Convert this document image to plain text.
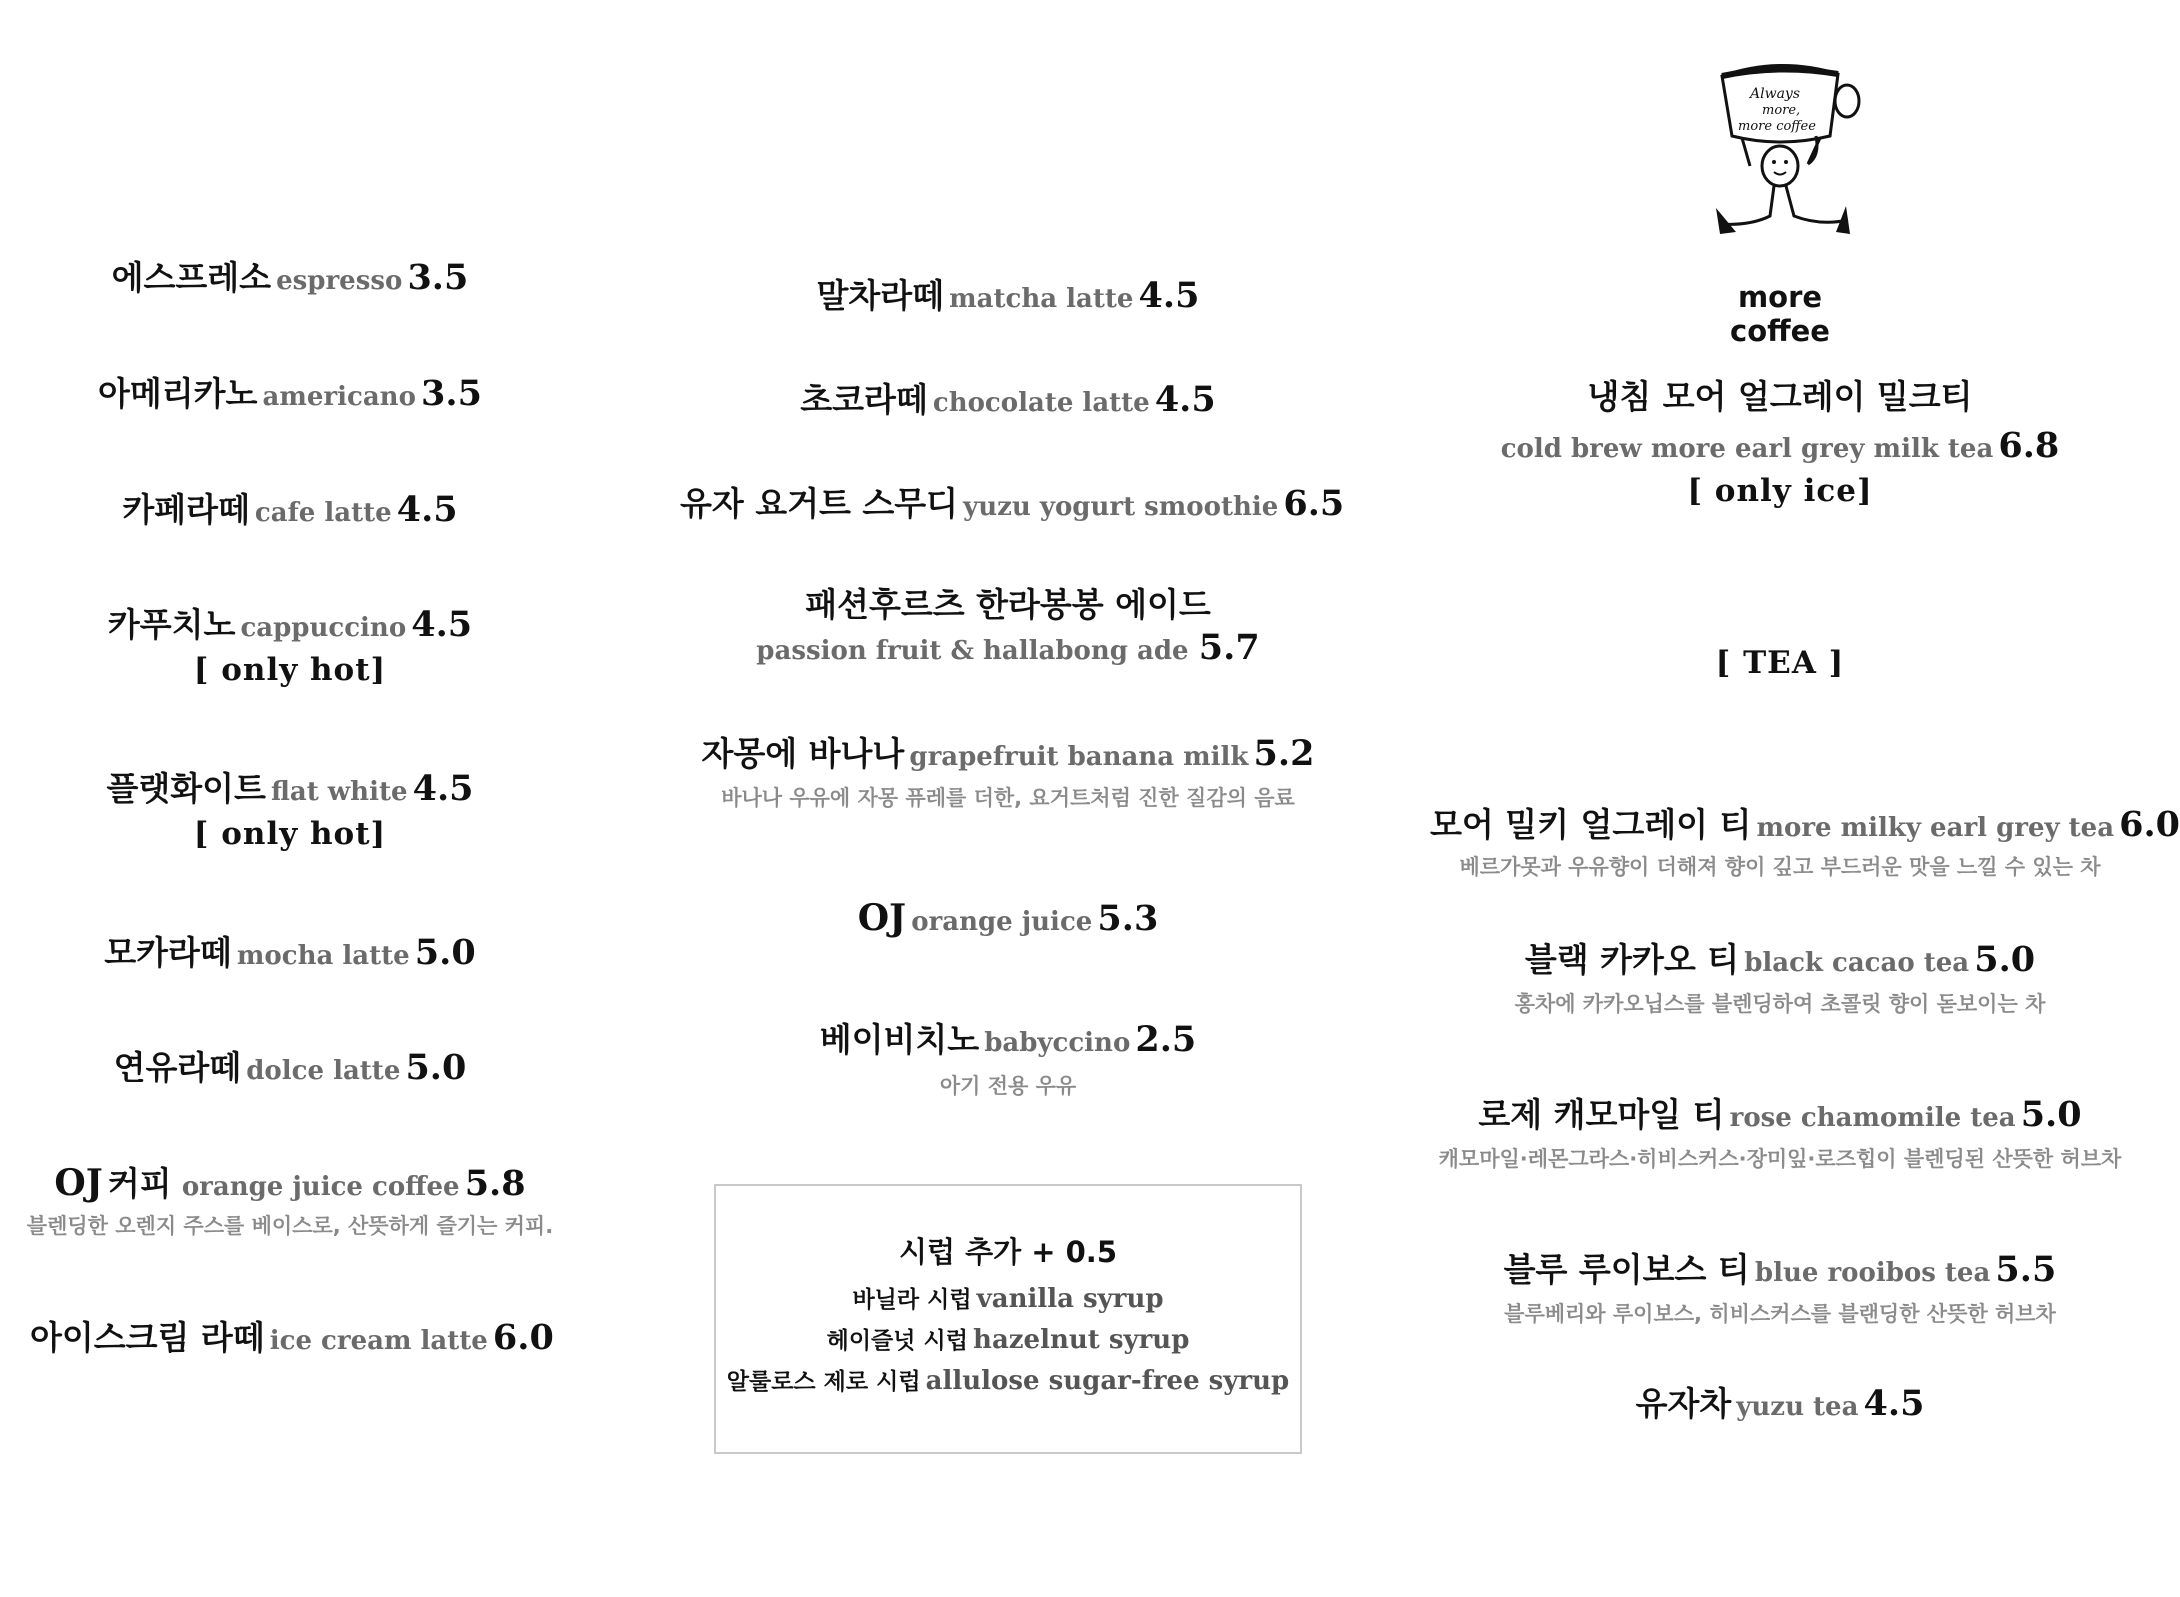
Always
more,
more coffee
more coffee
에스프레소 espresso 3.5
아메리카노 americano 3.5
카페라떼 cafe latte 4.5
카푸치노 cappuccino 4.5
[ only hot]
플랫화이트 flat white 4.5
[ only hot]
모카라떼 mocha latte 5.0
연유라떼 dolce latte 5.0
OJ 커피 orange juice coffee 5.8
블렌딩한 오렌지 주스를 베이스로, 산뜻하게 즐기는 커피.
아이스크림 라떼 ice cream latte 6.0
말차라떼 matcha latte 4.5
초코라떼 chocolate latte 4.5
유자 요거트 스무디 yuzu yogurt smoothie 6.5
패션후르츠 한라봉봉 에이드
passion fruit & hallabong ade 5.7
자몽에 바나나 grapefruit banana milk 5.2
바나나 우유에 자몽 퓨레를 더한, 요거트처럼 진한 질감의 음료
OJ orange juice 5.3
베이비치노 babyccino 2.5
아기 전용 우유
시럽 추가 + 0.5
바닐라 시럽 vanilla syrup
헤이즐넛 시럽 hazelnut syrup
알룰로스 제로 시럽 allulose sugar-free syrup
냉침 모어 얼그레이 밀크티
cold brew more earl grey milk tea 6.8
[ only ice]
[ TEA ]
모어 밀키 얼그레이 티 more milky earl grey tea 6.0
베르가못과 우유향이 더해져 향이 깊고 부드러운 맛을 느낄 수 있는 차
블랙 카카오 티 black cacao tea 5.0
홍차에 카카오닙스를 블렌딩하여 초콜릿 향이 돋보이는 차
로제 캐모마일 티 rose chamomile tea 5.0
캐모마일·레몬그라스·히비스커스·장미잎·로즈힙이 블렌딩된 산뜻한 허브차
블루 루이보스 티 blue rooibos tea 5.5
블루베리와 루이보스, 히비스커스를 블랜딩한 산뜻한 허브차
유자차 yuzu tea 4.5
